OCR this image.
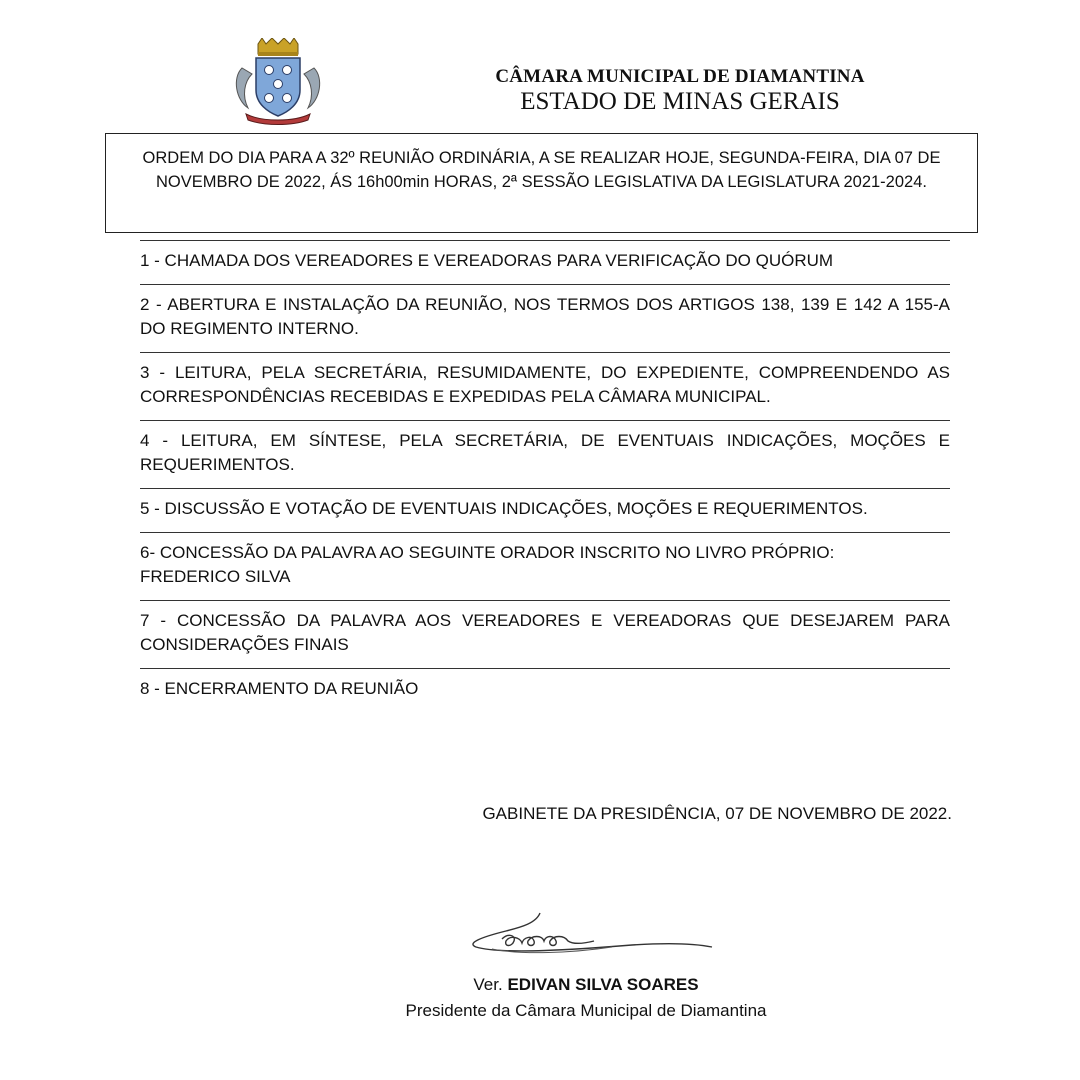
CÂMARA MUNICIPAL DE DIAMANTINA
ESTADO DE MINAS GERAIS
ORDEM DO DIA PARA A 32º REUNIÃO ORDINÁRIA, A SE REALIZAR HOJE, SEGUNDA-FEIRA, DIA 07 DE NOVEMBRO DE 2022, ÁS 16h00min HORAS, 2ª SESSÃO LEGISLATIVA DA LEGISLATURA 2021-2024.
1 - CHAMADA DOS VEREADORES E VEREADORAS PARA VERIFICAÇÃO DO QUÓRUM
2 - ABERTURA E INSTALAÇÃO DA REUNIÃO, NOS TERMOS DOS ARTIGOS 138, 139 E 142 A 155-A DO REGIMENTO INTERNO.
3 - LEITURA, PELA SECRETÁRIA, RESUMIDAMENTE, DO EXPEDIENTE, COMPREENDENDO AS CORRESPONDÊNCIAS RECEBIDAS E EXPEDIDAS PELA CÂMARA MUNICIPAL.
4 - LEITURA, EM SÍNTESE, PELA SECRETÁRIA, DE EVENTUAIS INDICAÇÕES, MOÇÕES E REQUERIMENTOS.
5 - DISCUSSÃO E VOTAÇÃO DE EVENTUAIS INDICAÇÕES, MOÇÕES E REQUERIMENTOS.
6- CONCESSÃO DA PALAVRA AO SEGUINTE ORADOR INSCRITO NO LIVRO PRÓPRIO:
FREDERICO SILVA
7 - CONCESSÃO DA PALAVRA AOS VEREADORES E VEREADORAS QUE DESEJAREM PARA CONSIDERAÇÕES FINAIS
8 - ENCERRAMENTO DA REUNIÃO
GABINETE DA PRESIDÊNCIA, 07 DE NOVEMBRO DE 2022.
Ver. EDIVAN SILVA SOARES
Presidente da Câmara Municipal de Diamantina
